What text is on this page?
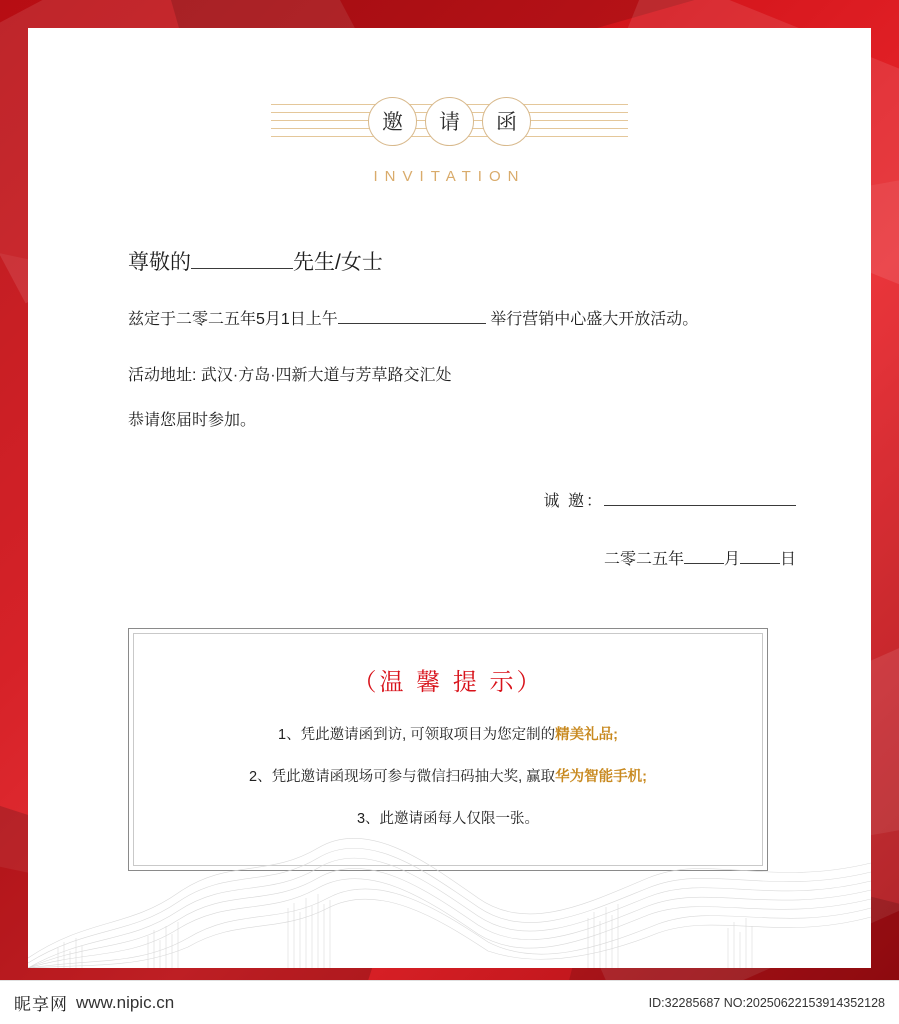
邀	请	函
INVITATION
尊敬的	先生/女士
兹定于二零二五年5月1日上午	举行营销中心盛大开放活动。
活动地址: 武汉·方岛·四新大道与芳草路交汇处
恭请您届时参加。
诚 邀：
二零二五年	月	日
（温 馨 提 示）
1、凭此邀请函到访, 可领取项目为您定制的精美礼品;
2、凭此邀请函现场可参与微信扫码抽大奖, 赢取华为智能手机;
3、此邀请函每人仅限一张。
昵享网 www.nipic.cn	ID:32285687 NO:20250622153914352128
